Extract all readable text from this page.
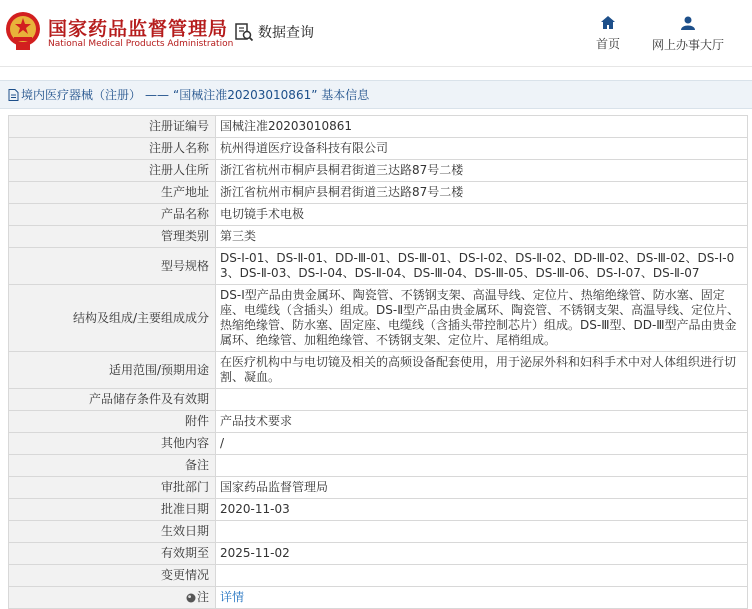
国家药品监督管理局
National Medical Products Administration
数据查询
首页	网上办事大厅
境内医疗器械（注册） —— “国械注准20203010861” 基本信息
注册证编号	国械注准20203010861
注册人名称	杭州得道医疗设备科技有限公司
注册人住所	浙江省杭州市桐庐县桐君街道三达路87号二楼
生产地址	浙江省杭州市桐庐县桐君街道三达路87号二楼
产品名称	电切镜手术电极
管理类别	第三类
型号规格	DS-Ⅰ-01、DS-Ⅱ-01、DD-Ⅲ-01、DS-Ⅲ-01、DS-Ⅰ-02、DS-Ⅱ-02、DD-Ⅲ-02、DS-Ⅲ-02、DS-Ⅰ-03、DS-Ⅱ-03、DS-Ⅰ-04、DS-Ⅱ-04、DS-Ⅲ-04、DS-Ⅲ-05、DS-Ⅲ-06、DS-Ⅰ-07、DS-Ⅱ-07
结构及组成/主要组成成分	DS-Ⅰ型产品由贵金属环、陶瓷管、不锈钢支架、高温导线、定位片、热缩绝缘管、防水塞、固定座、电缆线（含插头）组成。DS-Ⅱ型产品由贵金属环、陶瓷管、不锈钢支架、高温导线、定位片、热缩绝缘管、防水塞、固定座、电缆线（含插头带控制芯片）组成。DS-Ⅲ型、DD-Ⅲ型产品由贵金属环、绝缘管、加粗绝缘管、不锈钢支架、定位片、尾梢组成。
适用范围/预期用途	在医疗机构中与电切镜及相关的高频设备配套使用，用于泌尿外科和妇科手术中对人体组织进行切割、凝血。
产品储存条件及有效期	
附件	产品技术要求
其他内容	/
备注	
审批部门	国家药品监督管理局
批准日期	2020-11-03
生效日期	
有效期至	2025-11-02
变更情况	
注	详情
